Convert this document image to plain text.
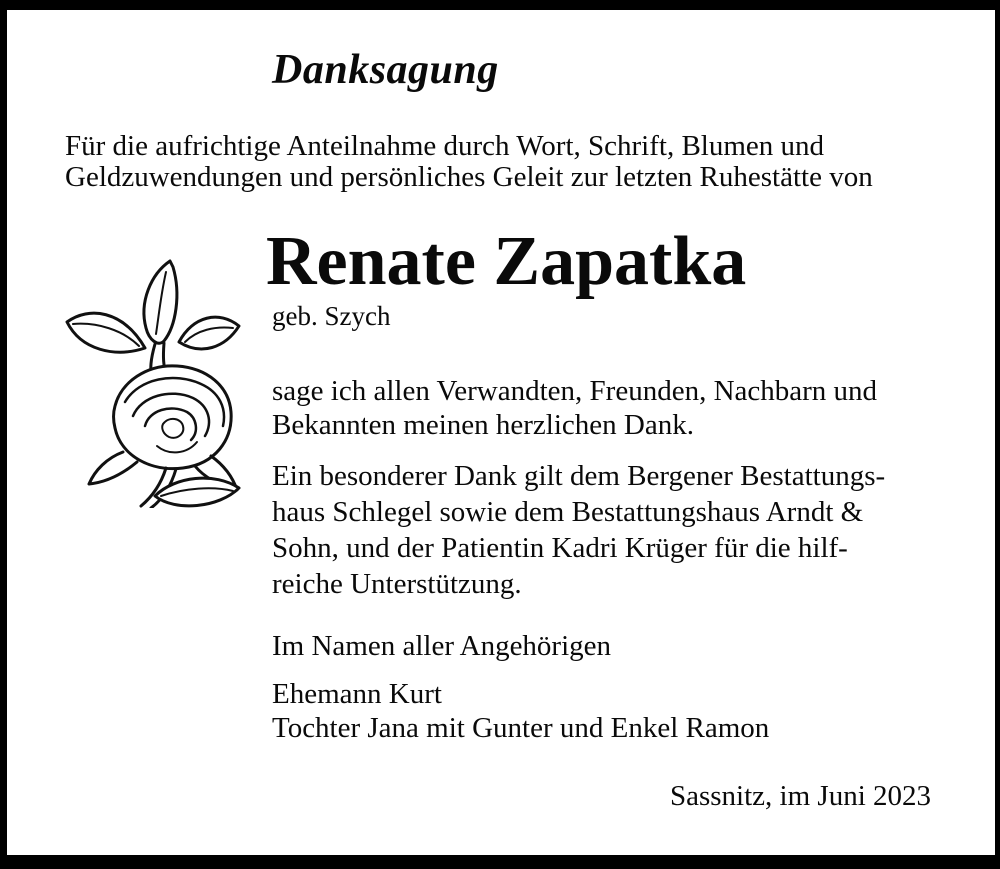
Danksagung
Für die aufrichtige Anteilnahme durch Wort, Schrift, Blumen und
Geldzuwendungen und persönliches Geleit zur letzten Ruhestätte von
Renate Zapatka
geb. Szych
sage ich allen Verwandten, Freunden, Nachbarn und
Bekannten meinen herzlichen Dank.
Ein besonderer Dank gilt dem Bergener Bestattungs-
haus Schlegel sowie dem Bestattungshaus Arndt &
Sohn, und der Patientin Kadri Krüger für die hilf-
reiche Unterstützung.
Im Namen aller Angehörigen
Ehemann Kurt
Tochter Jana mit Gunter und Enkel Ramon
Sassnitz, im Juni 2023
